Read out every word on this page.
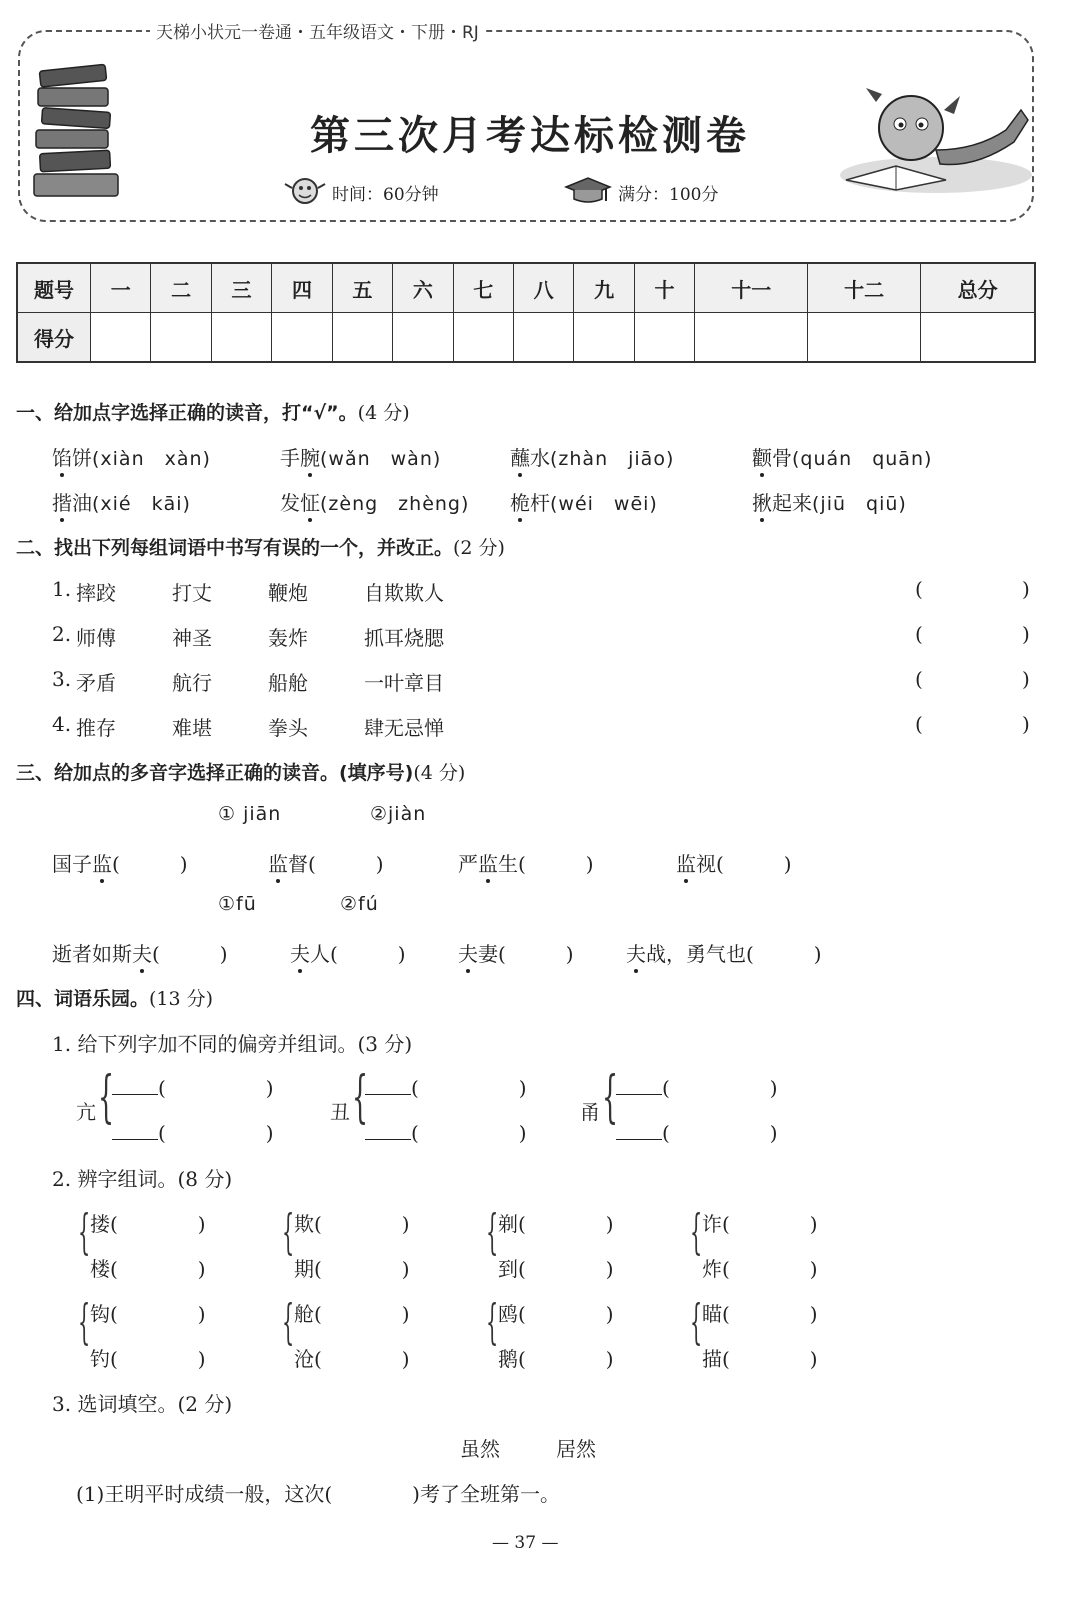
天梯小状元一卷通・五年级语文・下册・RJ
第三次月考达标检测卷
时间：60分钟	满分：100分
题号	一	二	三	四	五	六	七	八	九	十	十一	十二	总分
得分													
一、给加点字选择正确的读音，打“√”。(4 分)
馅饼(xiàn　xàn)	手腕(wǎn　wàn)	蘸水(zhàn　jiāo)	颧骨(quán　quān)
揩油(xié　kāi)	发怔(zèng　zhèng) 桅杆(wéi　wēi)	揪起来(jiū　qiū)
二、找出下列每组词语中书写有误的一个，并改正。(2 分)
1. 摔跤	打丈	鞭炮	自欺欺人	(	)
2. 师傅	神圣	轰炸	抓耳烧腮	(	)
3. 矛盾	航行	船舱	一叶章目	(	)
4. 推存	难堪	拳头	肆无忌惮	(	)
三、给加点的多音字选择正确的读音。(填序号)(4 分)
① jiān	②jiàn
国子监(　　　)	监督(　　　)	严监生(　　　)	监视(　　　)
①fū	②fú
逝者如斯夫(　　　)	夫人(　　　)	夫妻(　　　)	夫战，勇气也(　　　)
四、词语乐园。(13 分)
1. 给下列字加不同的偏旁并组词。(3 分)
亢 {	(　　　　　)
(　　　　　)
丑 {	(　　　　　)
(　　　　　)
甬 {	(　　　　　)
(　　　　　)
2. 辨字组词。(8 分)
{ 搂(　　　　)
楼(　　　　)
{ 欺(　　　　)
期(　　　　)
{ 剃(　　　　)
到(　　　　)
{ 诈(　　　　)
炸(　　　　)
{ 钩(　　　　)
钓(　　　　)
{ 舱(　　　　)
沧(　　　　)
{ 鸥(　　　　)
鹅(　　　　)
{ 瞄(　　　　)
描(　　　　)
3. 选词填空。(2 分)
虽然	居然
(1)王明平时成绩一般，这次(　　　　	)考了全班第一。
— 37 —
